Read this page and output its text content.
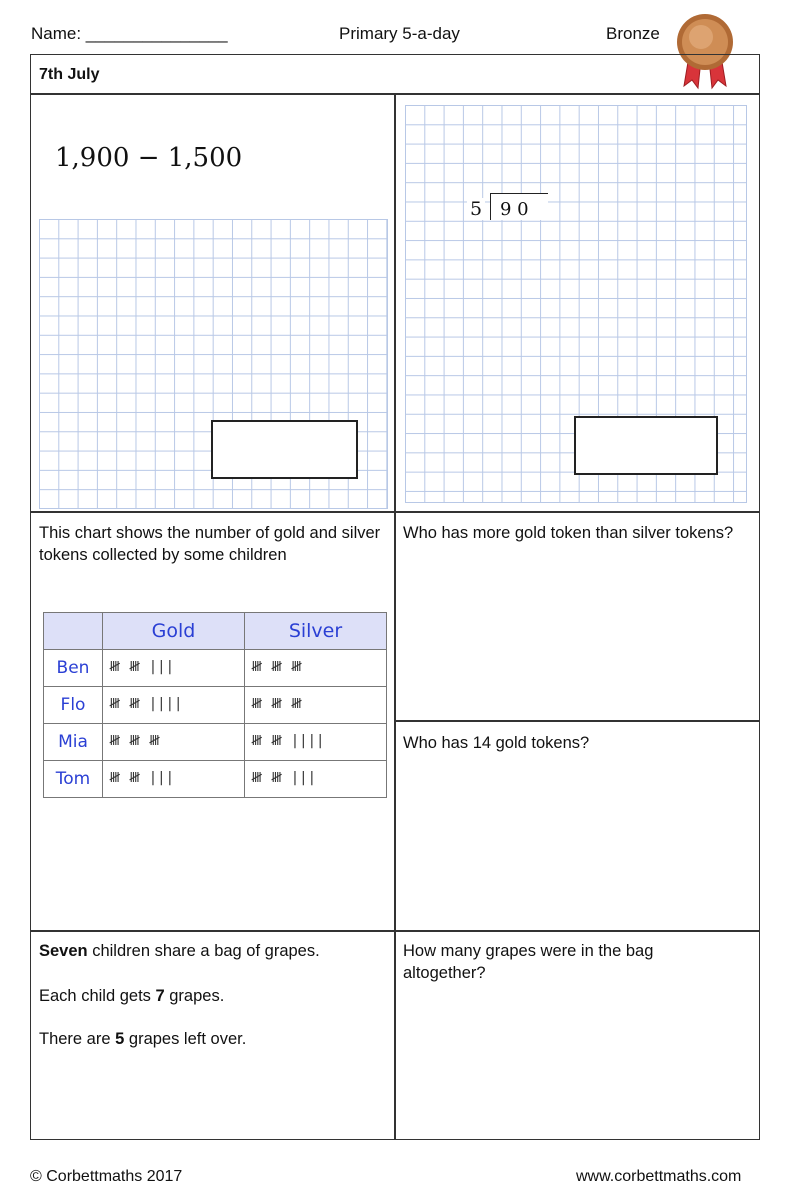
Name: _______________	Primary 5-a-day	Bronze
7th July
1,900 − 1,500
5 9 0
This chart shows the number of gold and silver tokens collected by some children
	Gold	Silver
Ben	𝍸 𝍸 |||	𝍸 𝍸 𝍸
Flo	𝍸 𝍸 ||||	𝍸 𝍸 𝍸
Mia	𝍸 𝍸 𝍸	𝍸 𝍸 ||||
Tom	𝍸 𝍸 |||	𝍸 𝍸 |||
Who has more gold token than silver tokens?
Who has 14 gold tokens?
Seven children share a bag of grapes.
Each child gets 7 grapes.
There are 5 grapes left over.
How many grapes were in the bag altogether?
© Corbettmaths 2017	www.corbettmaths.com
